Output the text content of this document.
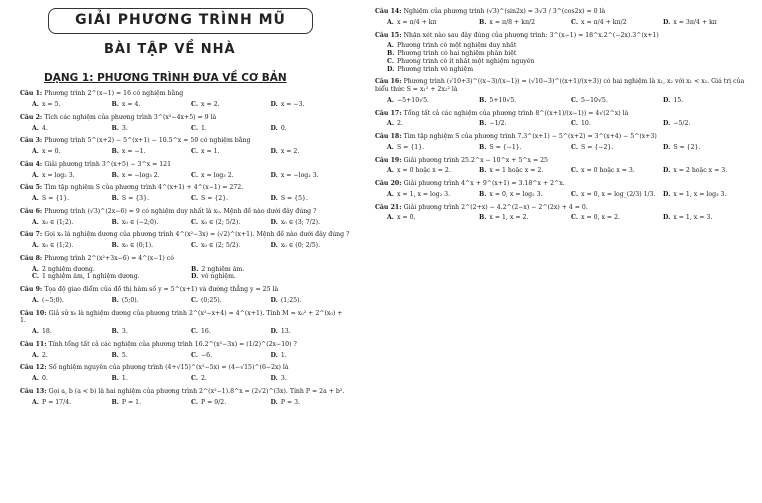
GIẢI PHƯƠNG TRÌNH MŨ
BÀI TẬP VỀ NHÀ
DẠNG 1: PHƯƠNG TRÌNH ĐƯA VỀ CƠ BẢN
Câu 1: Phương trình 2^(x−1) = 16 có nghiệm bằng
A. x = 5.	B. x = 4.	C. x = 2.	D. x = −3.
Câu 2: Tích các nghiệm của phương trình 3^(x²−4x+5) = 9 là
A. 4.	B. 3.	C. 1.	D. 0.
Câu 3: Phương trình 5^(x+2) − 5^(x+1) − 10.5^x = 50 có nghiệm bằng
A. x = 0.	B. x = −1.	C. x = 1.	D. x = 2.
Câu 4: Giải phương trình 3^(x+5) − 3^x = 121
A. x = log₂ 3.	B. x = −log₃ 2.	C. x = log₃ 2.	D. x = −log₂ 3.
Câu 5: Tìm tập nghiệm S của phương trình 4^(x+1) + 4^(x−1) = 272.
A. S = {1}.	B. S = {3}.	C. S = {2}.	D. S = {5}.
Câu 6: Phương trình (√3)^(2x−6) = 9 có nghiệm duy nhất là x₀. Mệnh đề nào dưới đây đúng ?
A. x₀ ∈ (1;2).	B. x₀ ∈ (−2;0).	C. x₀ ∈ (2; 5/2).	D. x₀ ∈ (3; 7/2).
Câu 7: Gọi x₀ là nghiệm dương của phương trình 4^(x²−3x) = (√2)^(x+1). Mệnh đề nào dưới đây đúng ?
A. x₀ ∈ (1;2).	B. x₀ ∈ (0;1).	C. x₀ ∈ (2; 5/2).	D. x₀ ∈ (0; 2/5).
Câu 8: Phương trình 2^(x²+3x−6) = 4^(x−1) có
A. 2 nghiệm dương.	B. 2 nghiệm âm.
C. 1 nghiệm âm, 1 nghiệm dương.	D. vô nghiệm.
Câu 9: Tọa độ giao điểm của đồ thị hàm số y = 5^(x+1) và đường thẳng y = 25 là
A. (−5;0).	B. (5;0).	C. (0;25).	D. (1;25).
Câu 10: Giả sử x₀ là nghiệm dương của phương trình 2^(x²−x+4) = 4^(x+1). Tính M = x₀² + 2^(x₀) + 1.
A. 18.	B. 3.	C. 16.	D. 13.
Câu 11: Tính tổng tất cả các nghiệm của phương trình 16.2^(x²−3x) = (1/2)^(2x−10) ?
A. 2.	B. 5.	C. −6.	D. 1.
Câu 12: Số nghiệm nguyên của phương trình (4+√15)^(x²−5x) = (4−√15)^(6−2x) là
A. 0.	B. 1.	C. 2.	D. 3.
Câu 13: Gọi a, b (a < b) là hai nghiệm của phương trình 2^(x²−1).8^x = (2√2)^(3x). Tính P = 2a + b².
A. P = 17/4.	B. P = 1.	C. P = 9/2.	D. P = 3.
Câu 14: Nghiệm của phương trình (√3)^(sin2x) = 3√3 / 3^(cos2x) = 0 là
A. x = π/4 + kπ	B. x = π/8 + kπ/2	C. x = π/4 + kπ/2	D. x = 3π/4 + kπ
Câu 15: Nhận xét nào sau đây đúng của phương trình: 3^(x−1) = 18^x.2^(−2x).3^(x+1)
A. Phương trình có một nghiệm duy nhất
B. Phương trình có hai nghiệm phân biệt
C. Phương trình có ít nhất một nghiệm nguyên
D. Phương trình vô nghiệm
Câu 16: Phương trình (√10+3)^((x−3)/(x−1)) = (√10−3)^((x+1)/(x+3)) có hai nghiệm là x₁, x₂ với x₁ < x₂. Giá trị của biểu thức S = x₁² + 2x₂² là
A. −5+10√5.	B. 5+10√5.	C. 5−10√5.	D. 15.
Câu 17: Tổng tất cả các nghiệm của phương trình 8^((x+1)/(x−1)) = 4√(2^x) là
A. 2.	B. −1/2.	C. 10.	D. −5/2.
Câu 18: Tìm tập nghiệm S của phương trình 7.3^(x+1) − 5^(x+2) = 3^(x+4) − 5^(x+3)
A. S = {1}.	B. S = {−1}.	C. S = {−2}.	D. S = {2}.
Câu 19: Giải phương trình 25.2^x − 10^x + 5^x = 25
A. x = 0 hoặc x = 2.	B. x = 1 hoặc x = 2.	C. x = 0 hoặc x = 3.	D. x = 2 hoặc x = 3.
Câu 20: Giải phương trình 4^x + 9^(x+1) = 3.18^x + 2^x.
A. x = 1, x = log₂ 3.	B. x = 0, x = log₂ 3.	C. x = 0, x = log_(2/3) 1/3.	D. x = 1, x = log₃ 3.
Câu 21: Giải phương trình 2^(2+x) − 4.2^(2−x) − 2^(2x) + 4 = 0.
A. x = 0.	B. x = 1, x = 2.	C. x = 0, x = 2.	D. x = 1, x = 3.
